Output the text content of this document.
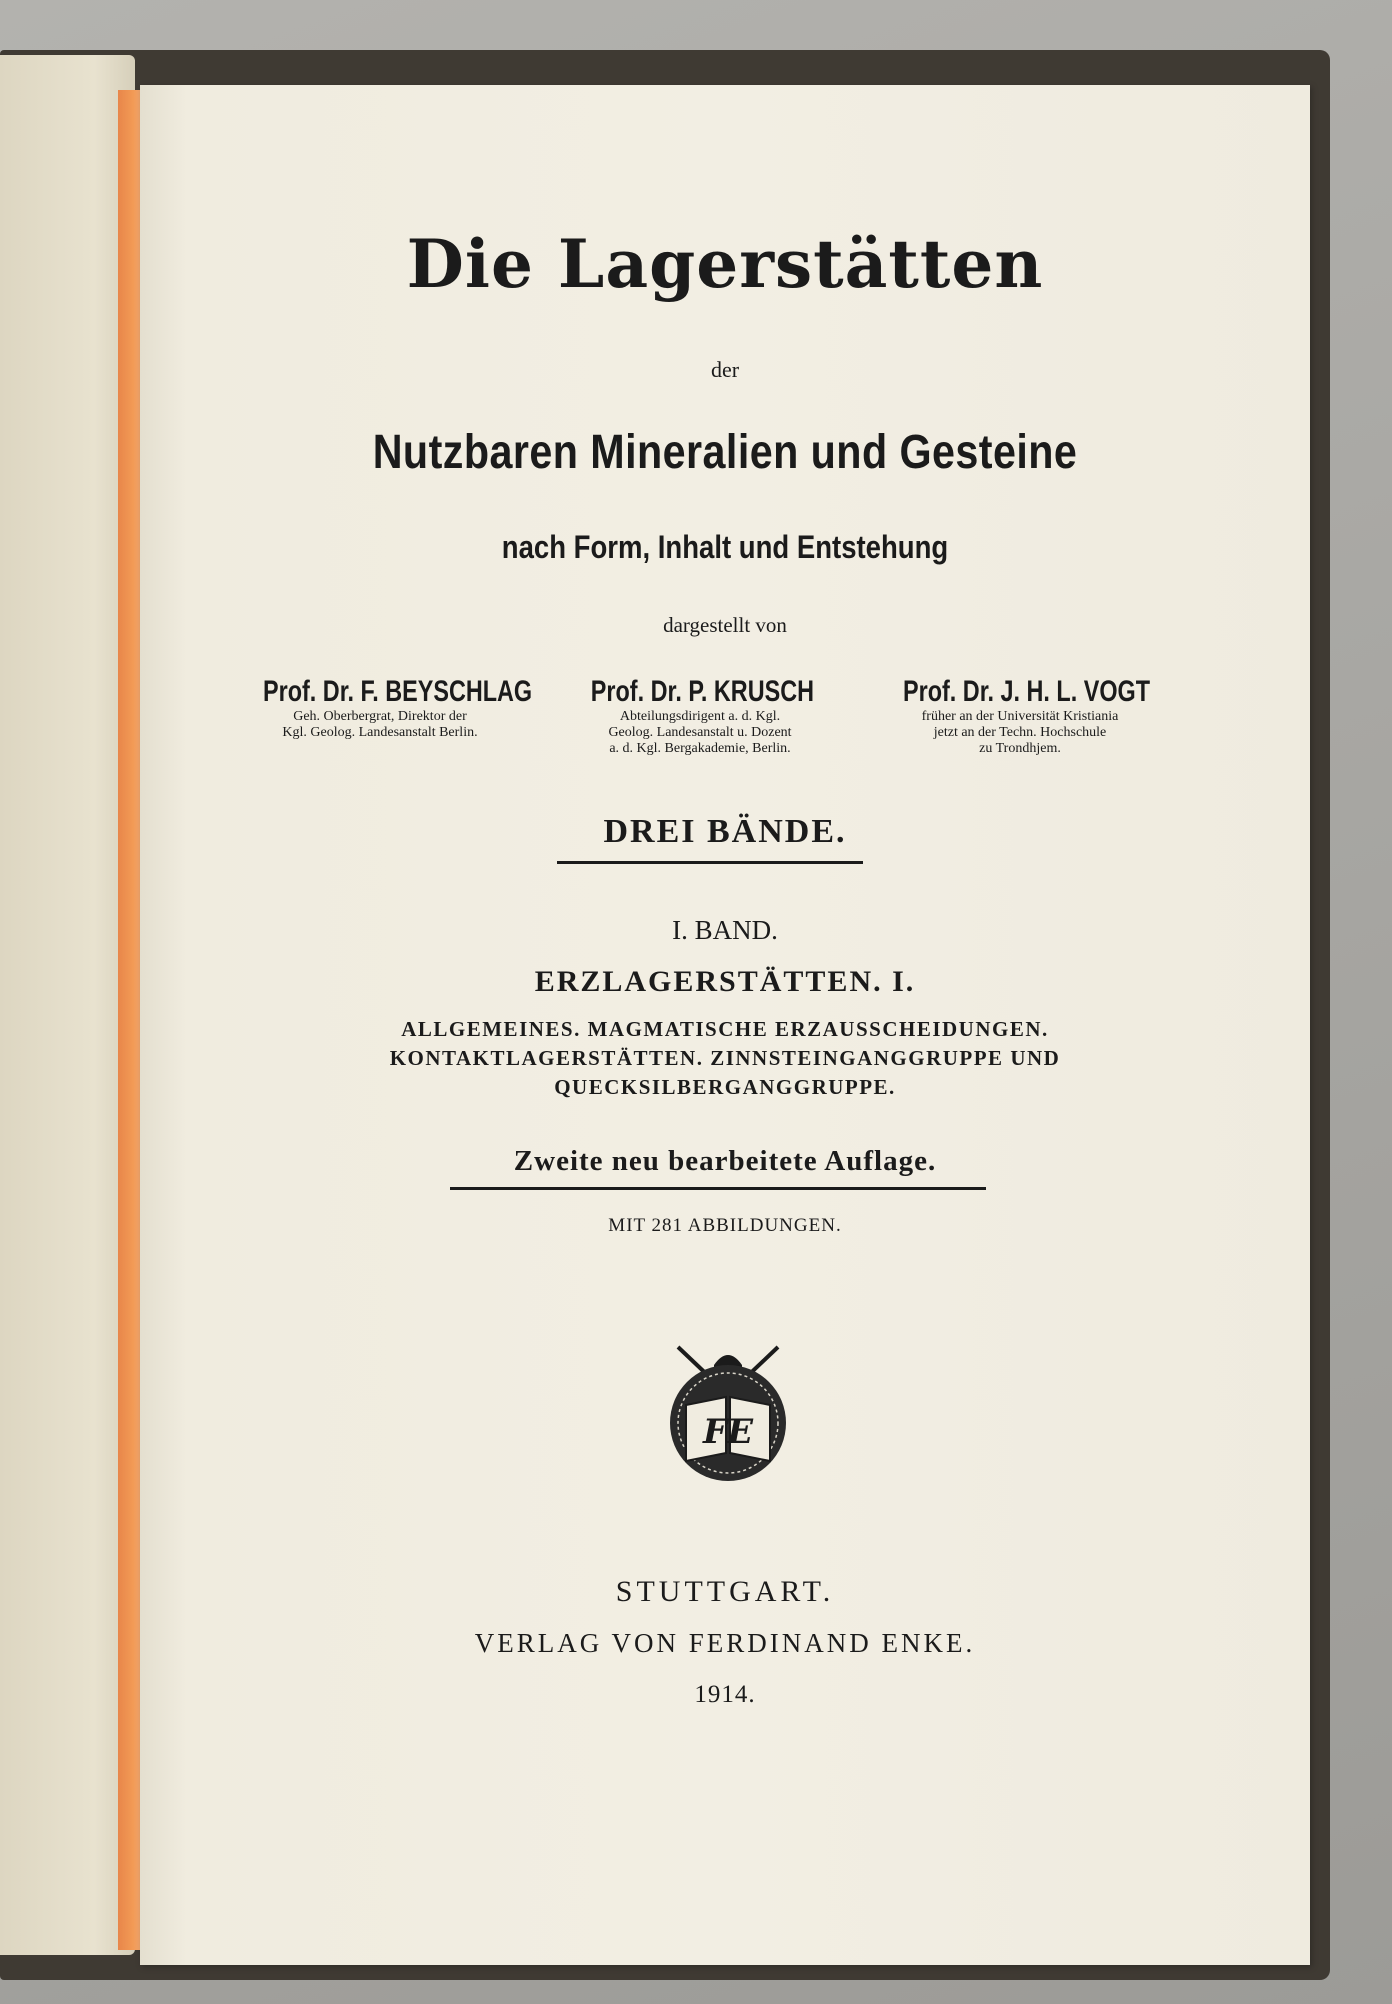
Die Lagerstätten
der
Nutzbaren Mineralien und Gesteine
nach Form, Inhalt und Entstehung
dargestellt von
Prof. Dr. F. BEYSCHLAG
Geh. Oberbergrat, Direktor der
Kgl. Geolog. Landesanstalt Berlin.
Prof. Dr. P. KRUSCH
Abteilungsdirigent a. d. Kgl.
Geolog. Landesanstalt u. Dozent
a. d. Kgl. Bergakademie, Berlin.
Prof. Dr. J. H. L. VOGT
früher an der Universität Kristiania
jetzt an der Techn. Hochschule
zu Trondhjem.
DREI BÄNDE.
I. BAND.
ERZLAGERSTÄTTEN. I.
ALLGEMEINES. MAGMATISCHE ERZAUSSCHEIDUNGEN.
KONTAKTLAGERSTÄTTEN. ZINNSTEINGANGGRUPPE UND
QUECKSILBERGANGGRUPPE.
Zweite neu bearbeitete Auflage.
MIT 281 ABBILDUNGEN.
FE
STUTTGART.
VERLAG VON FERDINAND ENKE.
1914.
